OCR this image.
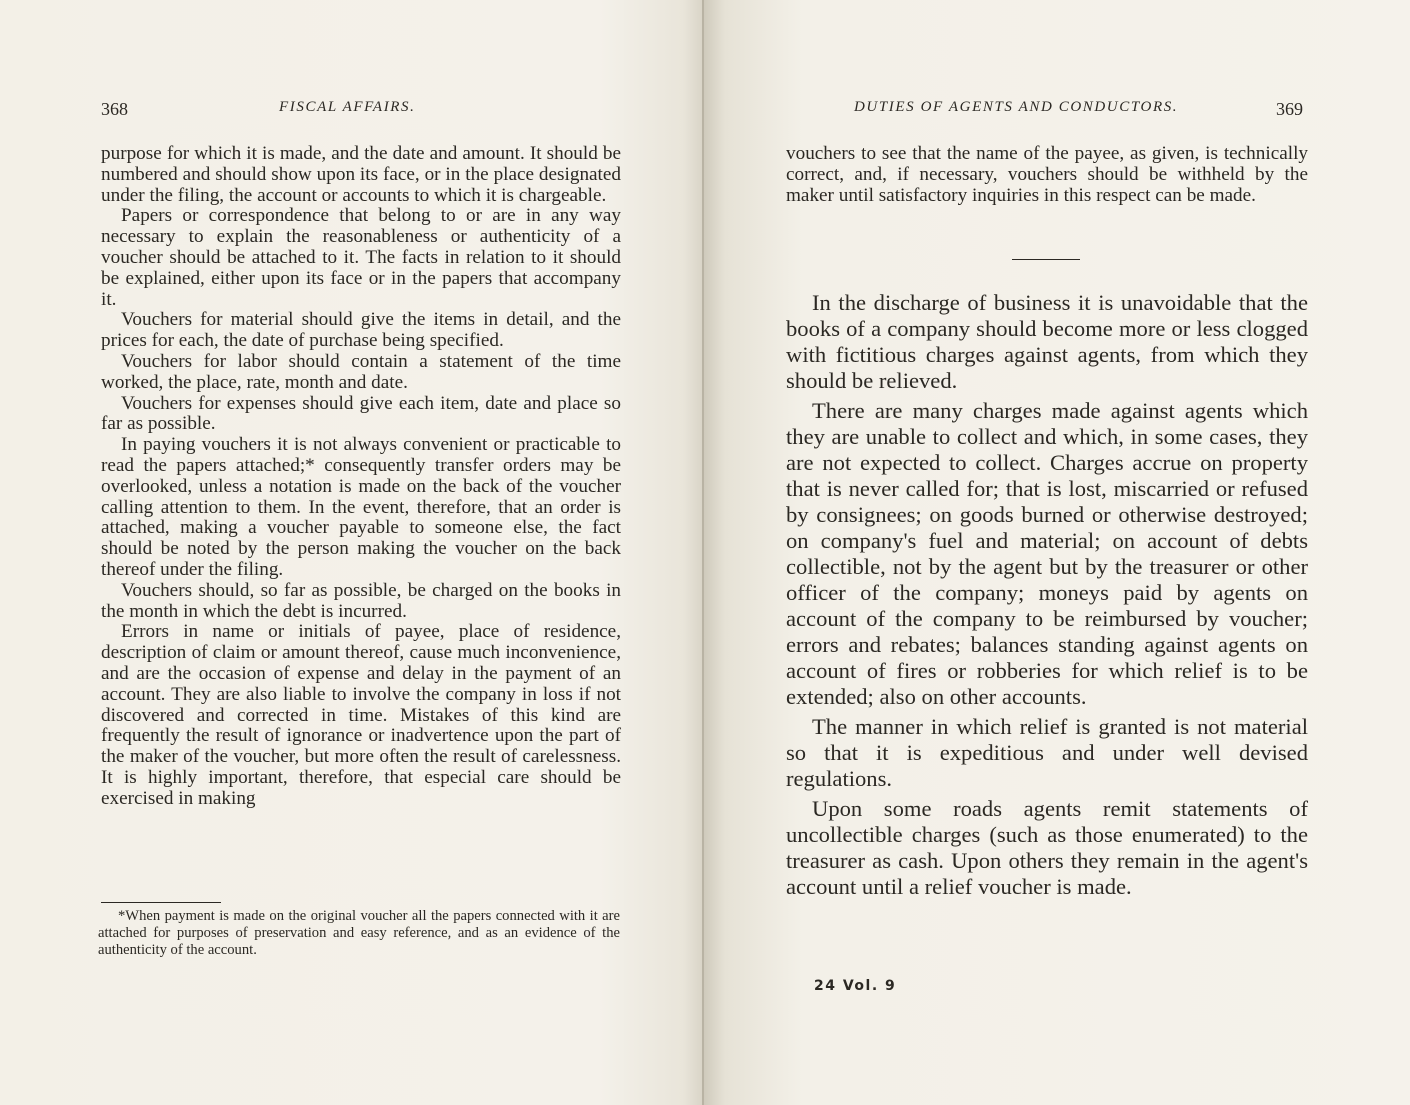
368	FISCAL AFFAIRS.

purpose for which it is made, and the date and amount. It should be numbered and should show upon its face, or in the place designated under the filing, the account or accounts to which it is chargeable.

Papers or correspondence that belong to or are in any way necessary to explain the reasonableness or authenticity of a voucher should be attached to it. The facts in relation to it should be explained, either upon its face or in the papers that accompany it.

Vouchers for material should give the items in detail, and the prices for each, the date of purchase being specified.

Vouchers for labor should contain a statement of the time worked, the place, rate, month and date.

Vouchers for expenses should give each item, date and place so far as possible.

In paying vouchers it is not always convenient or practicable to read the papers attached;* consequently transfer orders may be overlooked, unless a notation is made on the back of the voucher calling attention to them. In the event, therefore, that an order is attached, making a voucher payable to someone else, the fact should be noted by the person making the voucher on the back thereof under the filing.

Vouchers should, so far as possible, be charged on the books in the month in which the debt is incurred.

Errors in name or initials of payee, place of residence, description of claim or amount thereof, cause much inconvenience, and are the occasion of expense and delay in the payment of an account. They are also liable to involve the company in loss if not discovered and corrected in time. Mistakes of this kind are frequently the result of ignorance or inadvertence upon the part of the maker of the voucher, but more often the result of carelessness. It is highly important, therefore, that especial care should be exercised in making

*When payment is made on the original voucher all the papers connected with it are attached for purposes of preservation and easy reference, and as an evidence of the authenticity of the account.
DUTIES OF AGENTS AND CONDUCTORS.	369
vouchers to see that the name of the payee, as given, is technically correct, and, if necessary, vouchers should be withheld by the maker until satisfactory inquiries in this respect can be made.

In the discharge of business it is unavoidable that the books of a company should become more or less clogged with fictitious charges against agents, from which they should be relieved.

There are many charges made against agents which they are unable to collect and which, in some cases, they are not expected to collect. Charges accrue on property that is never called for; that is lost, miscarried or refused by consignees; on goods burned or otherwise destroyed; on company's fuel and material; on account of debts collectible, not by the agent but by the treasurer or other officer of the company; moneys paid by agents on account of the company to be reimbursed by voucher; errors and rebates; balances standing against agents on account of fires or robberies for which relief is to be extended; also on other accounts.

The manner in which relief is granted is not material so that it is expeditious and under well devised regulations.

Upon some roads agents remit statements of uncollectible charges (such as those enumerated) to the treasurer as cash. Upon others they remain in the agent's account until a relief voucher is made.

24 Vol. 9
